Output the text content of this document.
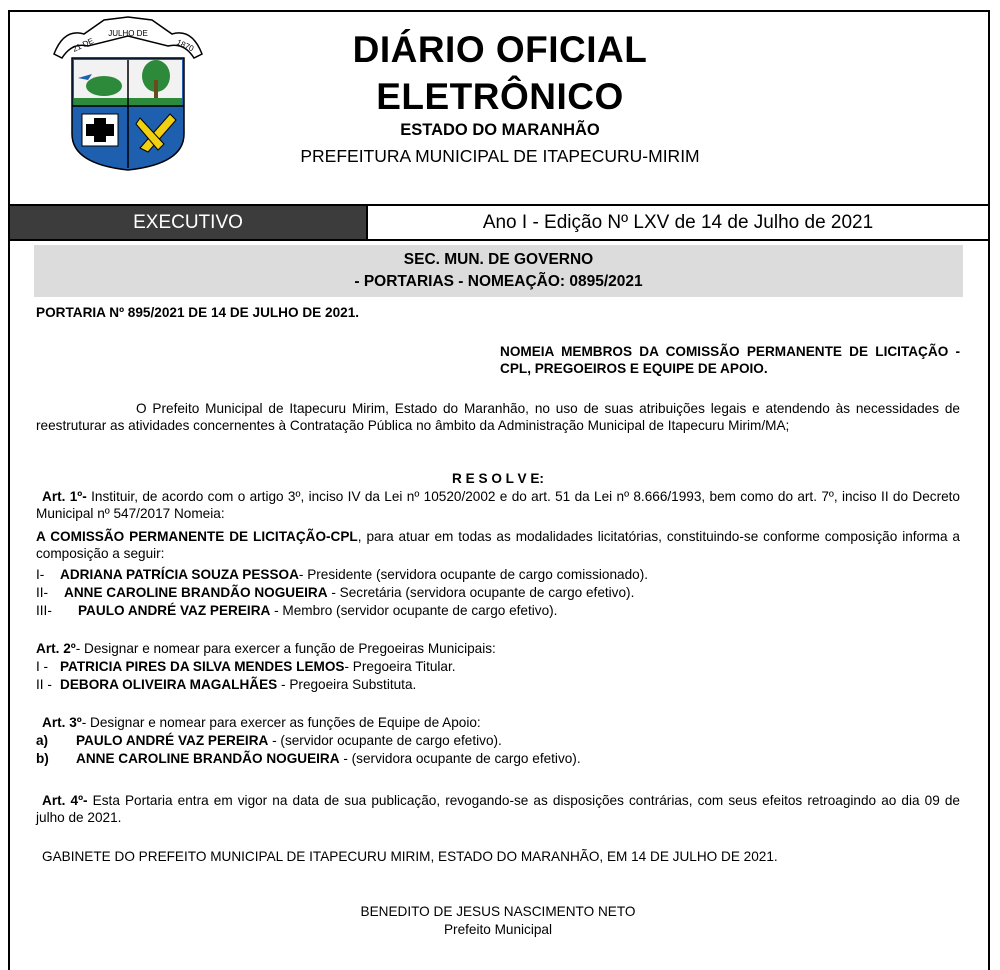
JULHO DE
21 DE	1870	DIÁRIO OFICIAL
ELETRÔNICO
ESTADO DO MARANHÃO
PREFEITURA MUNICIPAL DE ITAPECURU-MIRIM
EXECUTIVO	Ano I - Edição Nº LXV de 14 de Julho de 2021
SEC. MUN. DE GOVERNO
- PORTARIAS - NOMEAÇÃO: 0895/2021
PORTARIA Nº 895/2021 DE 14 DE JULHO DE 2021.
NOMEIA MEMBROS DA COMISSÃO PERMANENTE DE LICITAÇÃO - CPL, PREGOEIROS E EQUIPE DE APOIO.
O Prefeito Municipal de Itapecuru Mirim, Estado do Maranhão, no uso de suas atribuições legais e atendendo às necessidades de reestruturar as atividades concernentes à Contratação Pública no âmbito da Administração Municipal de Itapecuru Mirim/MA;
R E S O L V E:
Art. 1º- Instituir, de acordo com o artigo 3º, inciso IV da Lei nº 10520/2002 e do art. 51 da Lei nº 8.666/1993, bem como do art. 7º, inciso II do Decreto Municipal nº 547/2017 Nomeia:
A COMISSÃO PERMANENTE DE LICITAÇÃO-CPL, para atuar em todas as modalidades licitatórias, constituindo-se conforme composição informa a composição a seguir:
I- ADRIANA PATRÍCIA SOUZA PESSOA- Presidente (servidora ocupante de cargo comissionado).
II- ANNE CAROLINE BRANDÃO NOGUEIRA - Secretária (servidora ocupante de cargo efetivo).
III- PAULO ANDRÉ VAZ PEREIRA - Membro (servidor ocupante de cargo efetivo).
Art. 2º- Designar e nomear para exercer a função de Pregoeiras Municipais:
I - PATRICIA PIRES DA SILVA MENDES LEMOS- Pregoeira Titular.
II - DEBORA OLIVEIRA MAGALHÃES - Pregoeira Substituta.
Art. 3º- Designar e nomear para exercer as funções de Equipe de Apoio:
a) PAULO ANDRÉ VAZ PEREIRA - (servidor ocupante de cargo efetivo).
b) ANNE CAROLINE BRANDÃO NOGUEIRA - (servidora ocupante de cargo efetivo).
Art. 4º- Esta Portaria entra em vigor na data de sua publicação, revogando-se as disposições contrárias, com seus efeitos retroagindo ao dia 09 de julho de 2021.
GABINETE DO PREFEITO MUNICIPAL DE ITAPECURU MIRIM, ESTADO DO MARANHÃO, EM 14 DE JULHO DE 2021.
BENEDITO DE JESUS NASCIMENTO NETO
Prefeito Municipal
